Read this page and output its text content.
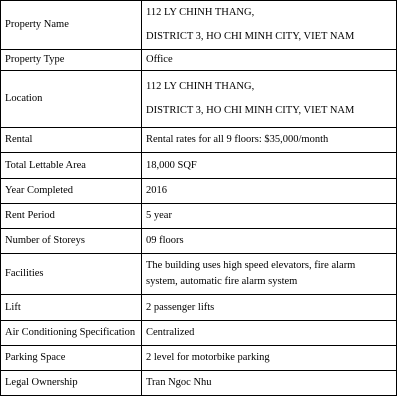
Property Name	112 LY CHINH THANG,
DISTRICT 3, HO CHI MINH CITY, VIET NAM

Property Type	Office

Location	112 LY CHINH THANG,
DISTRICT 3, HO CHI MINH CITY, VIET NAM

Rental	Rental rates for all 9 floors: $35,000/month

Total Lettable Area	18,000 SQF

Year Completed	2016

Rent Period	5 year

Number of Storeys	09 floors

Facilities	The building uses high speed elevators, fire alarm
system, automatic fire alarm system

Lift	2 passenger lifts

Air Conditioning Specification	Centralized

Parking Space	2 level for motorbike parking

Legal Ownership	Tran Ngoc Nhu
